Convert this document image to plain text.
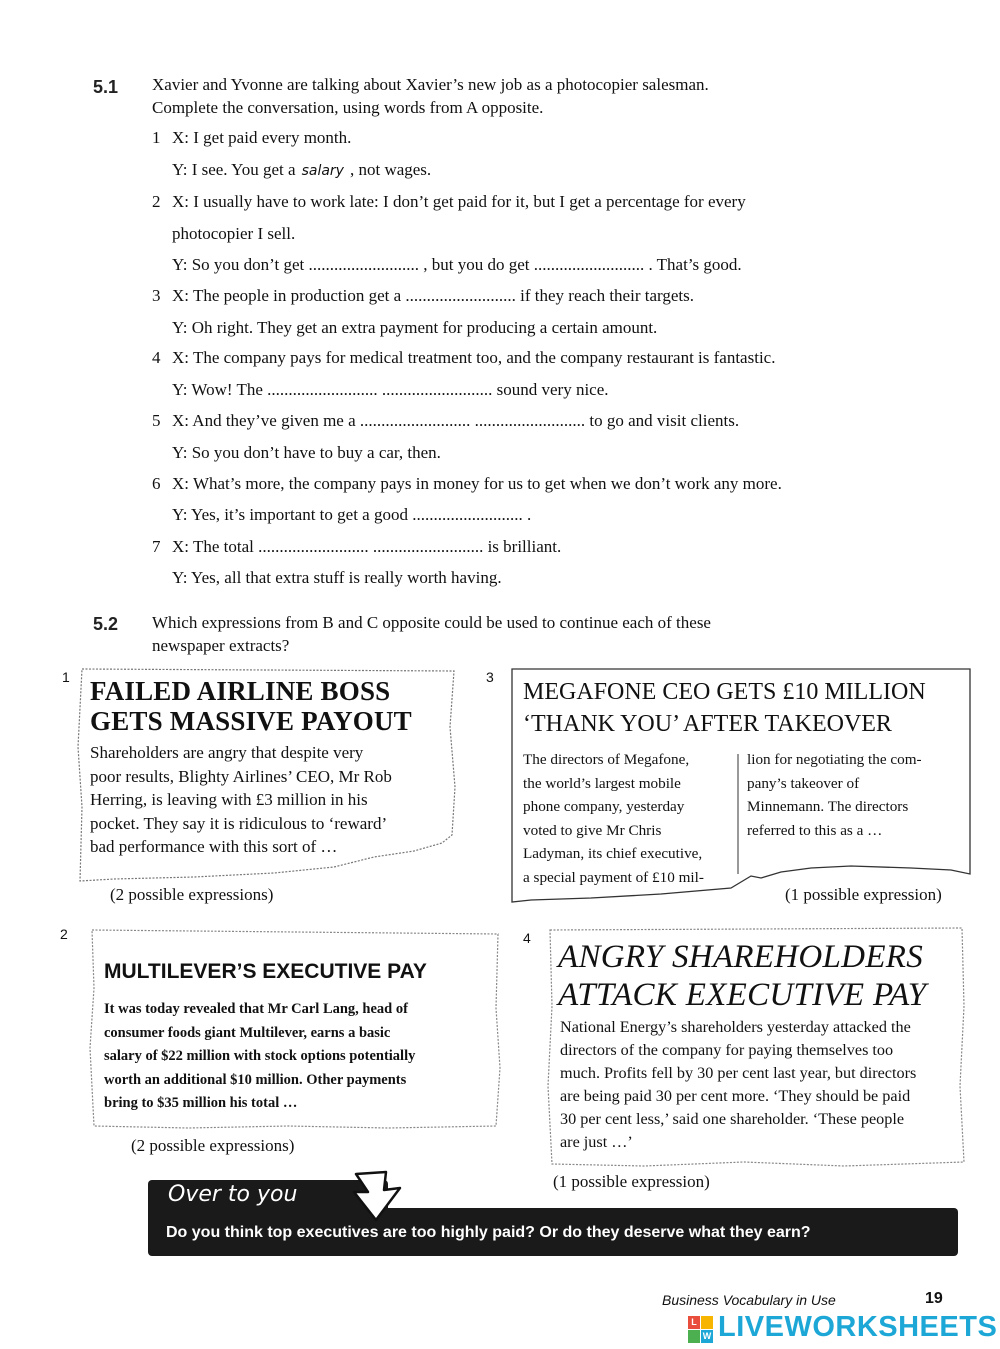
5.1 Xavier and Yvonne are talking about Xavier’s new job as a photocopier salesman.
Complete the conversation, using words from A opposite.
1 X: I get paid every month.
Y: I see. You get a salary , not wages.
2 X: I usually have to work late: I don’t get paid for it, but I get a percentage for every
photocopier I sell.
Y: So you don’t get .......................... , but you do get .......................... . That’s good.
3 X: The people in production get a .......................... if they reach their targets.
Y: Oh right. They get an extra payment for producing a certain amount.
4 X: The company pays for medical treatment too, and the company restaurant is fantastic.
Y: Wow! The .......................... .......................... sound very nice.
5 X: And they’ve given me a .......................... .......................... to go and visit clients.
Y: So you don’t have to buy a car, then.
6 X: What’s more, the company pays in money for us to get when we don’t work any more.
Y: Yes, it’s important to get a good .......................... .
7 X: The total .......................... .......................... is brilliant.
Y: Yes, all that extra stuff is really worth having.
5.2 Which expressions from B and C opposite could be used to continue each of these
newspaper extracts?
1 FAILED AIRLINE BOSS
GETS MASSIVE PAYOUT
Shareholders are angry that despite very
poor results, Blighty Airlines’ CEO, Mr Rob
Herring, is leaving with £3 million in his
pocket. They say it is ridiculous to ‘reward’
bad performance with this sort of …
(2 possible expressions)
3
MEGAFONE CEO GETS £10 MILLION
‘THANK YOU’ AFTER TAKEOVER
The directors of Megafone,
the world’s largest mobile
phone company, yesterday
voted to give Mr Chris
Ladyman, its chief executive,
a special payment of £10 mil-
lion for negotiating the com-
pany’s takeover of
Minnemann. The directors
referred to this as a …
(1 possible expression)
2
MULTILEVER’S EXECUTIVE PAY
It was today revealed that Mr Carl Lang, head of
consumer foods giant Multilever, earns a basic
salary of $22 million with stock options potentially
worth an additional $10 million. Other payments
bring to $35 million his total …
(2 possible expressions)
4
ANGRY SHAREHOLDERS
ATTACK EXECUTIVE PAY
National Energy’s shareholders yesterday attacked the
directors of the company for paying themselves too
much. Profits fell by 30 per cent last year, but directors
are being paid 30 per cent more. ‘They should be paid
30 per cent less,’ said one shareholder. ‘These people
are just …’
(1 possible expression)
Over to you
Do you think top executives are too highly paid? Or do they deserve what they earn?
Business Vocabulary in Use	19
L
W LIVEWORKSHEETS
